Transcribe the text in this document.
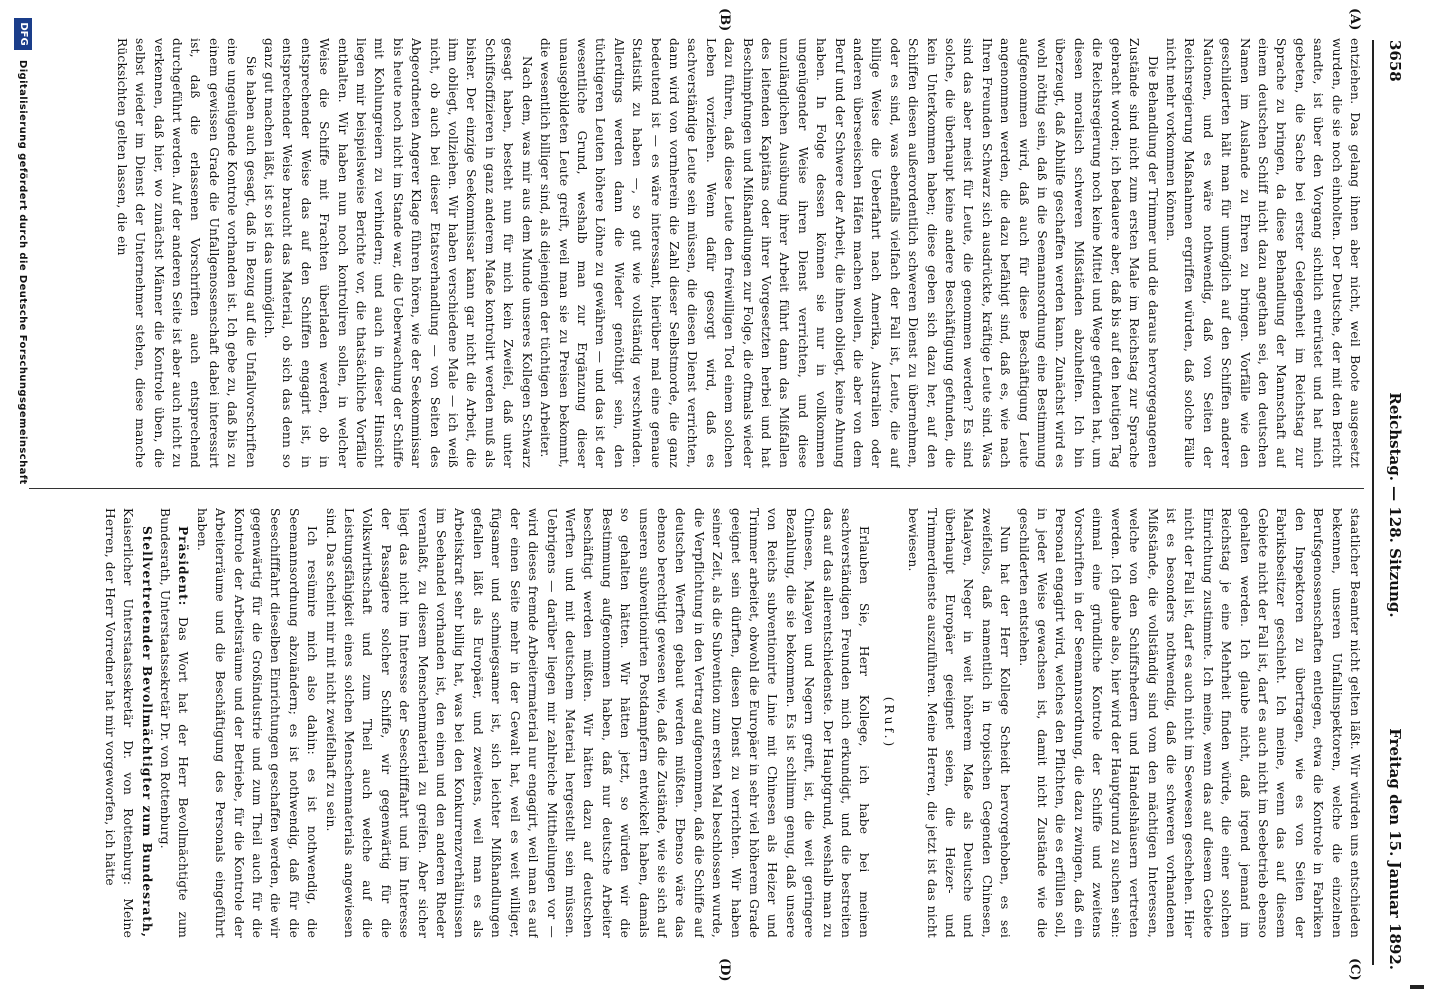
3658
Reichstag. — 128. Sitzung.
Freitag den 15. Januar 1892.
(A)
(B)
(C)
(D)

entziehen. Das gelang ihnen aber nicht, weil Boote ausgesetzt wurden, die sie noch einholten. Der Deutsche, der mit den Bericht sandte, ist über den Vorgang sichtlich entrüstet und hat mich gebeten, die Sache bei erster Gelegenheit im Reichstag zur Sprache zu bringen, da diese Behandlung der Mannschaft auf einem deutschen Schiff nicht dazu angethan sei, den deutschen Namen im Auslande zu Ehren zu bringen. Vorfälle wie den geschilderten hält man für unmöglich auf den Schiffen anderer Nationen, und es wäre nothwendig, daß von Seiten der Reichsregierung Maßnahmen ergriffen würden, daß solche Fälle nicht mehr vorkommen können.

Die Behandlung der Trimmer und die daraus hervorgegangenen Zustände sind nicht zum ersten Male im Reichstag zur Sprache gebracht worden; ich bedauere aber, daß bis auf den heutigen Tag die Reichsregierung noch keine Mittel und Wege gefunden hat, um diesen moralisch schweren Mißständen abzuhelfen. Ich bin überzeugt, daß Abhilfe geschaffen werden kann. Zunächst wird es wohl nöthig sein, daß in die Seemannsordnung eine Bestimmung aufgenommen wird, daß auch für diese Beschäftigung Leute angenommen werden, die dazu befähigt sind, daß es, wie nach Ihren Freunden Schwarz sich ausdrückte, kräftige Leute sind. Was sind das aber meist für Leute, die genommen werden? Es sind solche, die überhaupt keine andere Beschäftigung gefunden, die kein Unterkommen haben; diese geben sich dazu her, auf den Schiffen diesen außerordentlich schweren Dienst zu übernehmen, oder es sind, was ebenfalls vielfach der Fall ist, Leute, die auf billige Weise die Ueberfahrt nach Amerika, Australien oder anderen überseeischen Häfen machen wollen, die aber von dem Beruf und der Schwere der Arbeit, die ihnen obliegt, keine Ahnung haben. In Folge dessen können sie nur in vollkommen ungenügender Weise ihren Dienst verrichten, und diese unzulänglichen Ausübung ihrer Arbeit führt dann das Mißfallen des leitenden Kapitäns oder ihrer Vorgesetzten herbei und hat Beschimpfungen und Mißhandlungen zur Folge, die oftmals wieder dazu führen, daß diese Leute den freiwilligen Tod einem solchen Leben vorziehen. Wenn dafür gesorgt wird, daß es sachverständige Leute sein müssen, die diesen Dienst verrichten, dann wird von vornherein die Zahl dieser Selbstmorde, die ganz bedeutend ist — es wäre interessant, hierüber mal eine genaue Statistik zu haben —, so gut wie vollständig verschwinden. Allerdings werden dann die Wieder genöthigt sein, den tüchtigeren Leuten höhere Löhne zu gewähren — und das ist der wesentliche Grund, weshalb man zur Ergänzung dieser unausgebildeten Leute greift, weil man sie zu Preisen bekommt, die wesentlich billiger sind, als diejenigen der tüchtigen Arbeiter.

Nach dem, was mir aus dem Munde unseres Kollegen Schwarz gesagt haben, besteht nun für mich kein Zweifel, daß unter Schiffsoffizieren in ganz anderem Maße kontrolirt werden muß als bisher. Der einzige Seekommissar kann gar nicht die Arbeit, die ihm obliegt, vollziehen. Wir haben verschiedene Male — ich weiß nicht, ob auch bei dieser Etatsverhandlung — von Seiten des Abgeordneten Angerer Klage führen hören, wie der Seekommissar bis heute noch nicht im Stande war, die Ueberwachung der Schiffe mit Kohlungreiern zu verhindern; und auch in dieser Hinsicht liegen mir beispielsweise Berichte vor, die thatsächliche Vorfälle enthalten. Wir haben nun noch kontroliren sollen, in welcher Weise die Schiffe mit Frachten überladen werden, ob in entsprechender Weise das auf den Schiffen engagirt ist, in entsprechender Weise braucht das Material, ob sich das denn so ganz gut machen läßt, ist so ist das unmöglich.

Sie haben auch gesagt, daß in Bezug auf die Unfallvorschriften eine ungenügende Kontrole vorhanden ist. Ich gebe zu, daß bis zu einem gewissen Grade die Unfallgenossenschaft dabei interessirt ist, daß die erlassenen Vorschriften auch entsprechend durchgeführt werden. Auf der anderen Seite ist aber auch nicht zu verkennen, daß hier, wo zunächst Männer die Kontrole üben, die selbst wieder im Dienst der Unternehmer stehen, diese manche Rücksichten gelten lassen, die ein

staatlicher Beamter nicht gelten läßt. Wir würden uns entschieden bekennen, unseren Unfallinspektoren, welche die einzelnen Berufsgenossenschaften entlegen, etwa die Kontrole in Fabriken den Inspektoren zu übertragen, wie es von Seiten der Fabriksbesitzer geschieht. Ich meine, wenn das auf diesem Gebiete nicht der Fall ist, darf es auch nicht im Seebetrieb ebenso gehalten werden. Ich glaube nicht, daß irgend jemand im Reichstag je eine Mehrheit finden würde, die einer solchen Einrichtung zustimmte. Ich meine, wenn das auf diesem Gebiete nicht der Fall ist, darf es auch nicht im Seewesen geschehen. Hier ist es besonders nothwendig, daß die schweren vorhandenen Mißstände, die vollständig sind vom den mächtigen Interessen, welche von den Schiffsrhedern und Handelshäusern vertreten werden. Ich glaube also, hier wird der Hauptgrund zu suchen sein: einmal eine gründliche Kontrole der Schiffe und zweitens Vorschriften in der Seemannsordnung, die dazu zwingen, daß ein Personal engagirt wird, welches den Pflichten, die es erfüllen soll, in jeder Weise gewachsen ist, damit nicht Zustände wie die geschilderten entstehen.

Nun hat der Herr Kollege Scheidt hervorgehoben, es sei zweifellos, daß namentlich in tropischen Gegenden Chinesen, Malayen, Neger in weit höherem Maße als Deutsche und überhaupt Europäer geeignet seien, die Heizer- und Trimmerdienste auszuführen. Meine Herren, die jetzt ist das nicht bewiesen.

(Ruf.)

Erlauben Sie, Herr Kollege, ich habe bei meinen sachverständigen Freunden mich erkundigt, und die bestreiten das auf das allerentschiedenste. Der Hauptgrund, weshalb man zu Chinesen, Malayen und Negern greift, ist, die weit geringere Bezahlung, die sie bekommen. Es ist schlimm genug, daß unsere von Reichs subventionirte Linie mit Chinesen als Heizer und Trimmer arbeitet, obwohl die Europäer in sehr viel höherem Grade geeignet sein dürften, diesen Dienst zu verrichten. Wir haben seiner Zeit, als die Subvention zum ersten Mal beschlossen wurde, die Verpflichtung in den Vertrag aufgenommen, daß die Schiffe auf deutschen Werften gebaut werden müßten. Ebenso wäre das ebenso berechtigt gewesen wie, daß die Zustände, wie sie sich auf unseren subventionirten Postdampfern entwickelt haben, damals so gehalten hätten. Wir hätten jetzt, so würden wir die Bestimmung aufgenommen haben, daß nur deutsche Arbeiter beschäftigt werden müßten. Wir hätten dazu auf deutschen Werften und mit deutschem Material hergestellt sein müssen. Uebrigens — darüber liegen mir zahlreiche Mittheilungen vor — wird dieses fremde Arbeitermaterial nur engagirt, weil man es auf der einen Seite mehr in der Gewalt hat, weil es weit williger, fügsamer und schmiegsamer ist, sich leichter Mißhandlungen gefallen läßt als Europäer, und zweitens, weil man es als Arbeitskraft sehr billig hat, was bei den Konkurrenzverhältnissen im Seehandel vorhanden ist, den einen und den anderen Rheder veranlaßt, zu diesem Menschenmaterial zu greifen. Aber sicher liegt das nicht im Interesse der Seeschifffahrt und im Interesse der Passagiere solcher Schiffe, wir gegenwärtig für die Volkswirthschaft und zum Theil auch welche auf die Leistungsfähigkeit eines solchen Menschenmaterials angewiesen sind. Das scheint mir mit nicht zweifelhaft zu sein.

Ich resümire mich also dahin: es ist nothwendig, die Seemannsordnung abzuändern; es ist nothwendig, daß für die Seeschifffahrt dieselben Einrichtungen geschaffen werden, die wir gegenwärtig für die Großindustrie und zum Theil auch für die Kontrole der Arbeitsräume und der Betriebe, für die Kontrole der Arbeiterräume und die Beschäftigung des Personals eingeführt haben.

Präsident: Das Wort hat der Herr Bevollmächtigte zum Bundesrath, Unterstaatssekretär Dr. von Rottenburg.

Stellvertretender Bevollmächtigter zum Bundesrath, Kaiserlicher Unterstaatssekretär Dr. von Rottenburg: Meine Herren, der Herr Vorredner hat mir vorgeworfen, ich hätte

DFG
Digitalisierung gefördert durch die Deutsche Forschungsgemeinschaft
